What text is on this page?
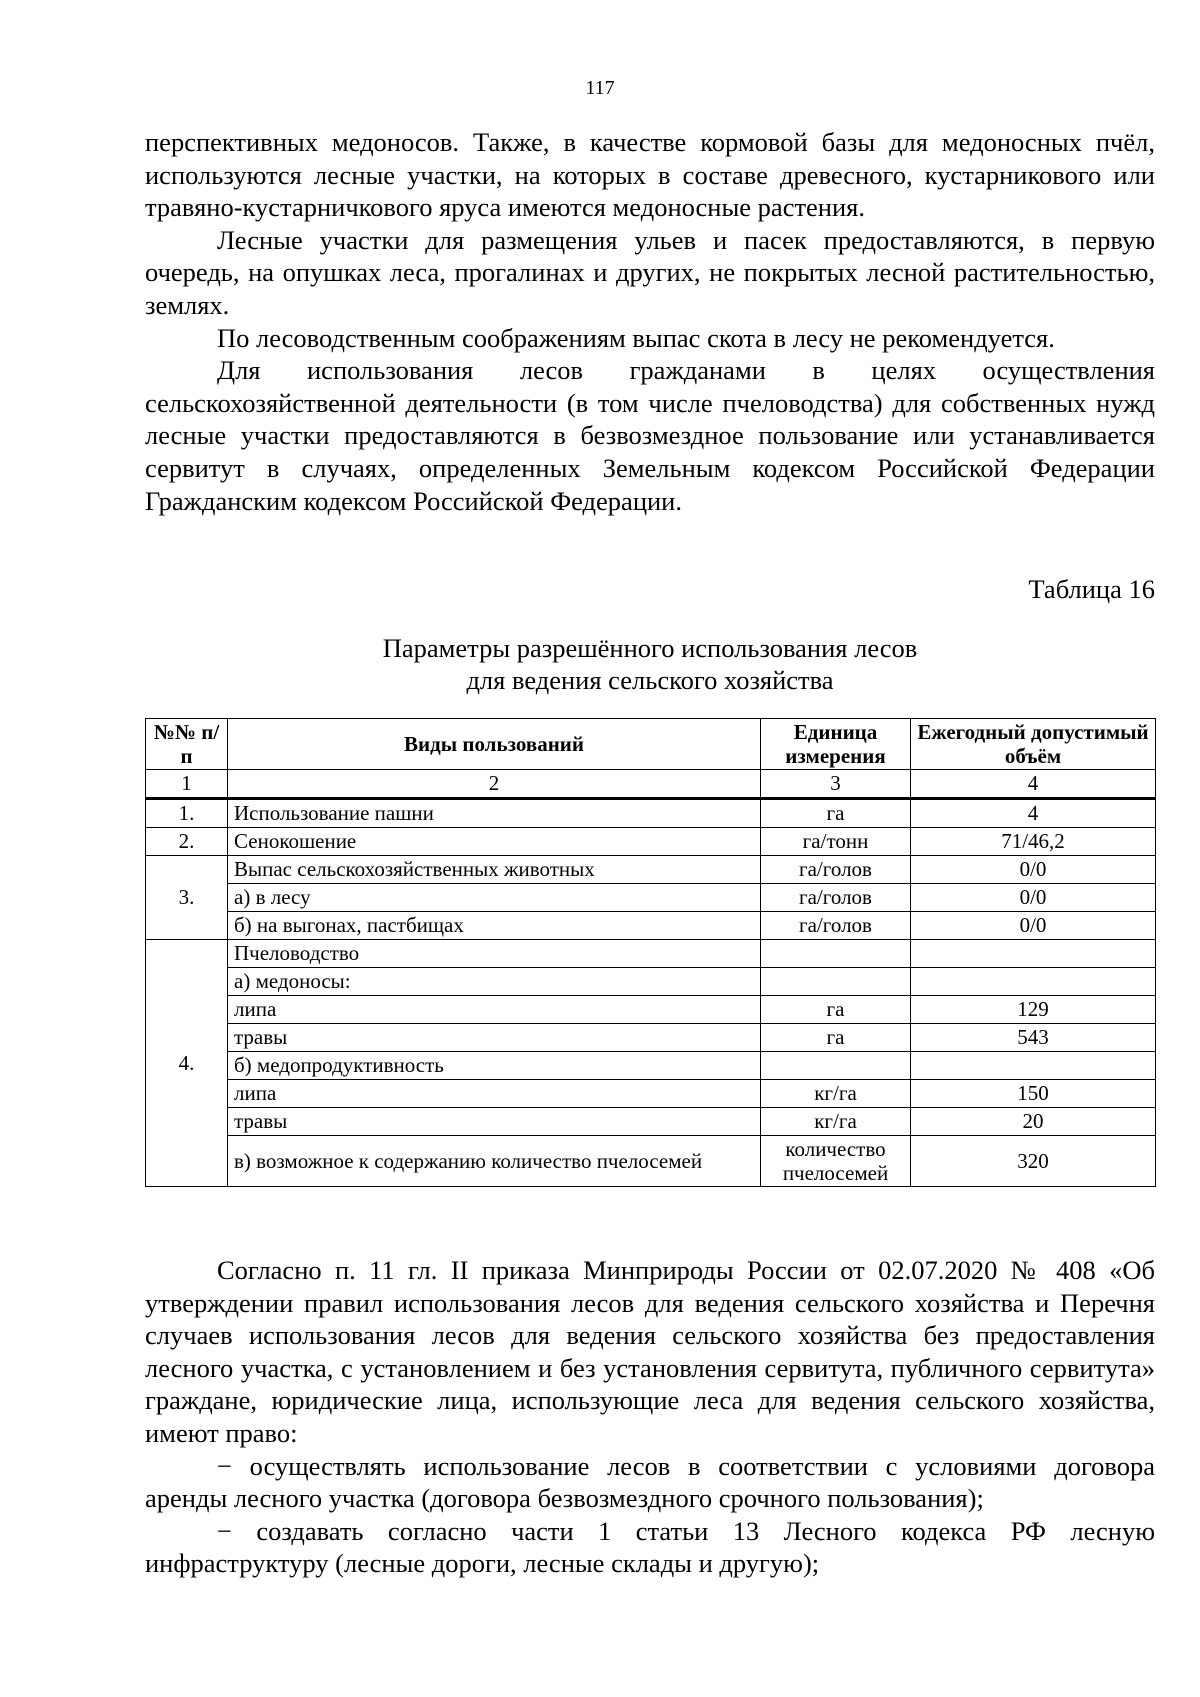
117

перспективных медоносов. Также, в качестве кормовой базы для медоносных пчёл, используются лесные участки, на которых в составе древесного, кустарникового или травяно-кустарничкового яруса имеются медоносные растения.

Лесные участки для размещения ульев и пасек предоставляются, в первую очередь, на опушках леса, прогалинах и других, не покрытых лесной растительностью, землях.

По лесоводственным соображениям выпас скота в лесу не рекомендуется.

Для использования лесов гражданами в целях осуществления сельскохозяйственной деятельности (в том числе пчеловодства) для собственных нужд лесные участки предоставляются в безвозмездное пользование или устанавливается сервитут в случаях, определенных Земельным кодексом Российской Федерации Гражданским кодексом Российской Федерации.

Таблица 16
Параметры разрешённого использования лесов
для ведения сельского хозяйства
№№ п/п	Виды пользований	Единица измерения	Ежегодный допустимый объём
1	2	3	4
1.	Использование пашни	га	4
2.	Сенокошение	га/тонн	71/46,2
3.	Выпас сельскохозяйственных животных	га/голов	0/0
	а) в лесу	га/голов	0/0
	б) на выгонах, пастбищах	га/голов	0/0
4.	Пчеловодство		
	а) медоносы:		
	липа	га	129
	травы	га	543
	б) медопродуктивность		
	липа	кг/га	150
	травы	кг/га	20
	в) возможное к содержанию количество пчелосемей	количество пчелосемей	320

Согласно п. 11 гл. II приказа Минприроды России от 02.07.2020 № 408 «Об утверждении правил использования лесов для ведения сельского хозяйства и Перечня случаев использования лесов для ведения сельского хозяйства без предоставления лесного участка, с установлением и без установления сервитута, публичного сервитута» граждане, юридические лица, использующие леса для ведения сельского хозяйства, имеют право:

− осуществлять использование лесов в соответствии с условиями договора аренды лесного участка (договора безвозмездного срочного пользования);

− создавать согласно части 1 статьи 13 Лесного кодекса РФ лесную инфраструктуру (лесные дороги, лесные склады и другую);
